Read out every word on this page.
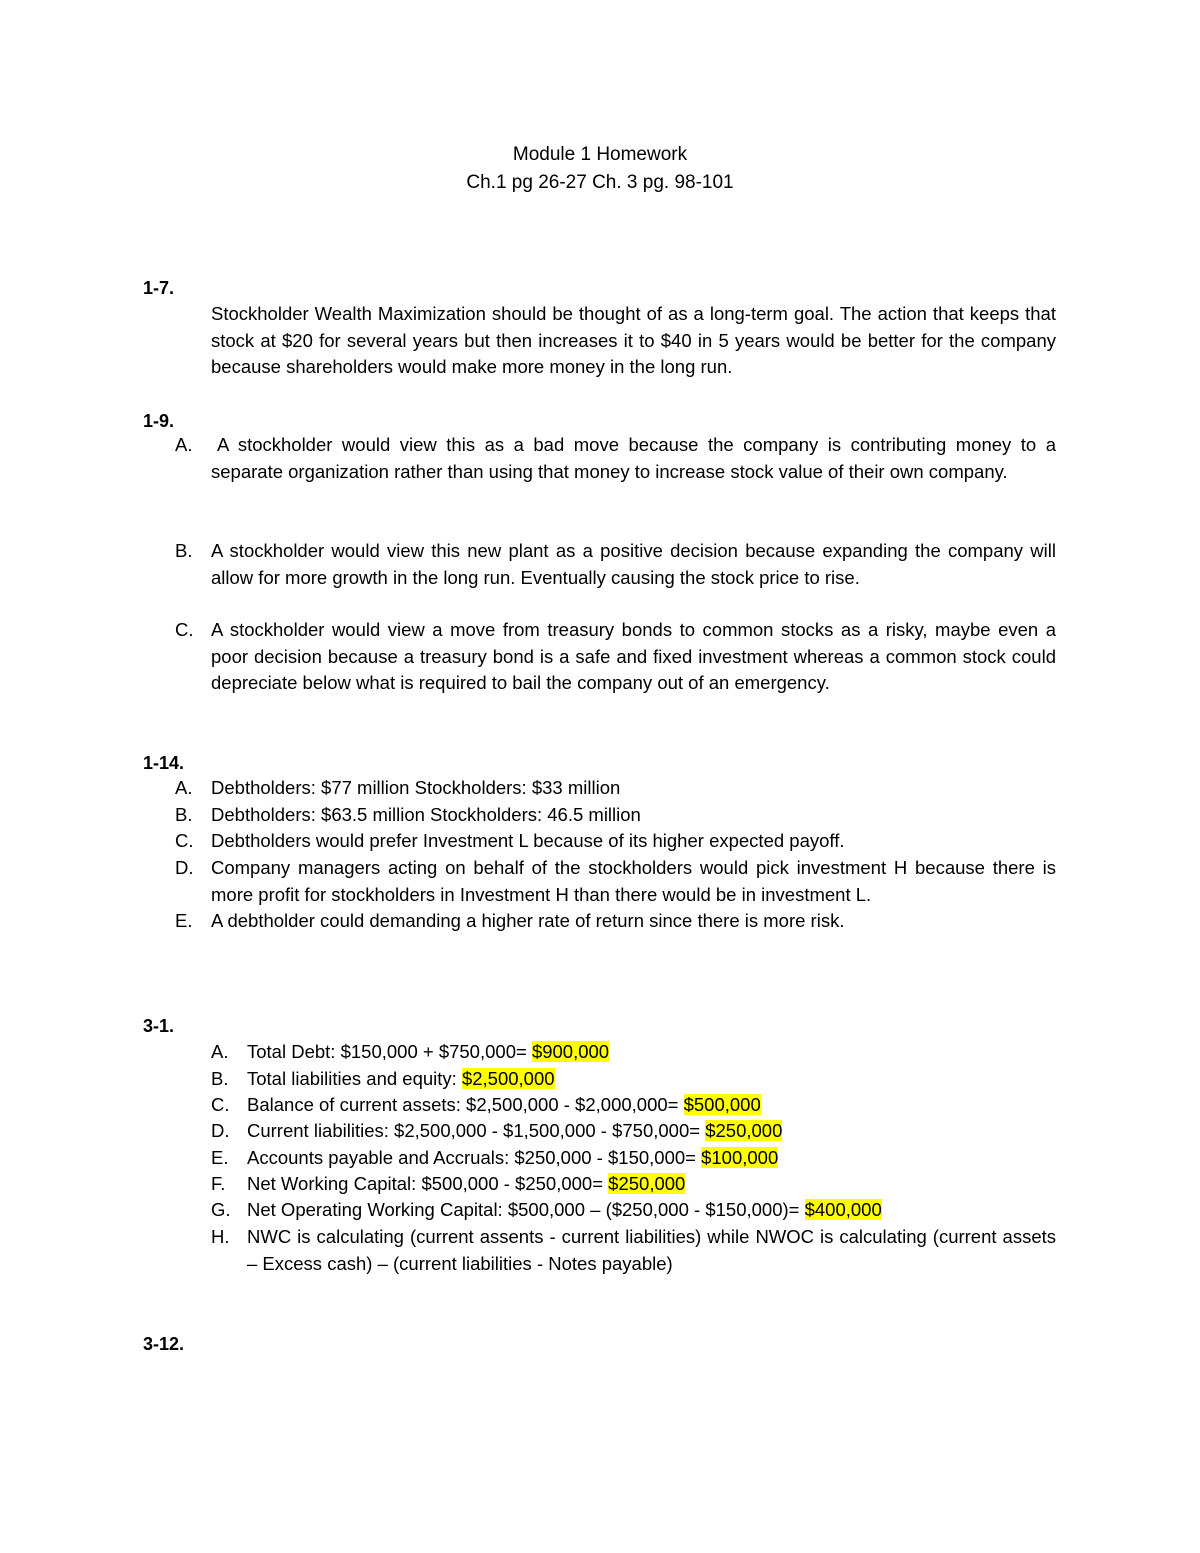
Module 1 Homework
Ch.1 pg 26-27 Ch. 3 pg. 98-101
1-7.
Stockholder Wealth Maximization should be thought of as a long-term goal. The action that keeps that stock at $20 for several years but then increases it to $40 in 5 years would be better for the company because shareholders would make more money in the long run.
1-9.
A.	A stockholder would view this as a bad move because the company is contributing money to a separate organization rather than using that money to increase stock value of their own company.
B. A stockholder would view this new plant as a positive decision because expanding the company will allow for more growth in the long run. Eventually causing the stock price to rise.
C. A stockholder would view a move from treasury bonds to common stocks as a risky, maybe even a poor decision because a treasury bond is a safe and fixed investment whereas a common stock could depreciate below what is required to bail the company out of an emergency.
1-14.
A. Debtholders: $77 million Stockholders: $33 million
B. Debtholders: $63.5 million Stockholders: 46.5 million
C. Debtholders would prefer Investment L because of its higher expected payoff.
D. Company managers acting on behalf of the stockholders would pick investment H because there is more profit for stockholders in Investment H than there would be in investment L.
E. A debtholder could demanding a higher rate of return since there is more risk.
3-1.
A. Total Debt: $150,000 + $750,000= $900,000
B. Total liabilities and equity: $2,500,000
C. Balance of current assets: $2,500,000 - $2,000,000= $500,000
D. Current liabilities: $2,500,000 - $1,500,000 - $750,000= $250,000
E. Accounts payable and Accruals: $250,000 - $150,000= $100,000
F. Net Working Capital: $500,000 - $250,000= $250,000
G. Net Operating Working Capital: $500,000 – ($250,000 - $150,000)= $400,000
H. NWC is calculating (current assents - current liabilities) while NWOC is calculating (current assets – Excess cash) – (current liabilities - Notes payable)
3-12.
